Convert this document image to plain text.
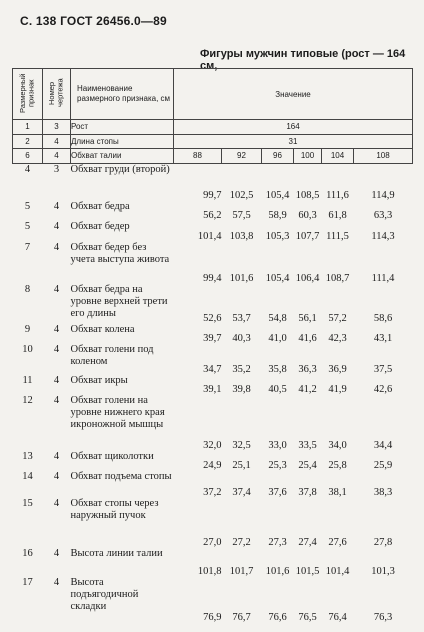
С. 138 ГОСТ 26456.0—89
Фигуры мужчин типовые (рост — 164 см,
Размерный признак	Номер чертежа	Наименование размерного признака, см	Значение					
1	3	Рост	164					
2	4	Длина стопы	31					
6	4	Обхват талии	88	92	96	100	104	108
4	3	Обхват груди (второй)	99,7	102,5	105,4	108,5	111,6	114,9
5	4	Обхват бедра	56,2	57,5	58,9	60,3	61,8	63,3
5	4	Обхват бедер	101,4	103,8	105,3	107,7	111,5	114,3
7	4	Обхват бедер без учета выступа живота	99,4	101,6	105,4	106,4	108,7	111,4
8	4	Обхват бедра на уровне верхней трети его длины	52,6	53,7	54,8	56,1	57,2	58,6
9	4	Обхват колена	39,7	40,3	41,0	41,6	42,3	43,1
10	4	Обхват голени под коленом	34,7	35,2	35,8	36,3	36,9	37,5
11	4	Обхват икры	39,1	39,8	40,5	41,2	41,9	42,6
12	4	Обхват голени на уровне нижнего края икроножной мышцы	32,0	32,5	33,0	33,5	34,0	34,4
13	4	Обхват щиколотки	24,9	25,1	25,3	25,4	25,8	25,9
14	4	Обхват подъема стопы	37,2	37,4	37,6	37,8	38,1	38,3
15	4	Обхват стопы через наружный пучок	27,0	27,2	27,3	27,4	27,6	27,8
16	4	Высота линии талии	101,8	101,7	101,6	101,5	101,4	101,3
17	4	Высота подъягодичной складки	76,9	76,7	76,6	76,5	76,4	76,3
